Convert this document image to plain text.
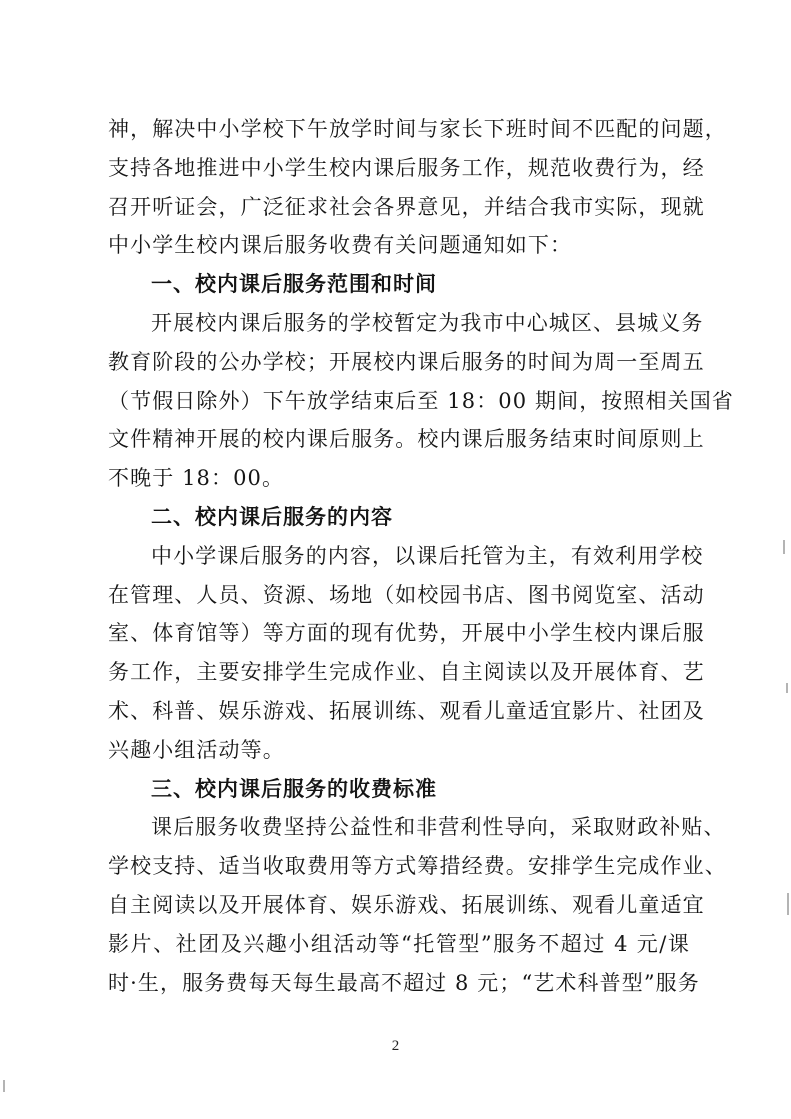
神，解决中小学校下午放学时间与家长下班时间不匹配的问题，
支持各地推进中小学生校内课后服务工作，规范收费行为，经
召开听证会，广泛征求社会各界意见，并结合我市实际，现就
中小学生校内课后服务收费有关问题通知如下：
一、校内课后服务范围和时间
开展校内课后服务的学校暂定为我市中心城区、县城义务
教育阶段的公办学校；开展校内课后服务的时间为周一至周五
（节假日除外）下午放学结束后至 18：00 期间，按照相关国省
文件精神开展的校内课后服务。校内课后服务结束时间原则上
不晚于 18：00。
二、校内课后服务的内容
中小学课后服务的内容，以课后托管为主，有效利用学校
在管理、人员、资源、场地（如校园书店、图书阅览室、活动
室、体育馆等）等方面的现有优势，开展中小学生校内课后服
务工作，主要安排学生完成作业、自主阅读以及开展体育、艺
术、科普、娱乐游戏、拓展训练、观看儿童适宜影片、社团及
兴趣小组活动等。
三、校内课后服务的收费标准
课后服务收费坚持公益性和非营利性导向，采取财政补贴、
学校支持、适当收取费用等方式筹措经费。安排学生完成作业、
自主阅读以及开展体育、娱乐游戏、拓展训练、观看儿童适宜
影片、社团及兴趣小组活动等“托管型”服务不超过 4 元/课
时·生，服务费每天每生最高不超过 8 元；“艺术科普型”服务
2
